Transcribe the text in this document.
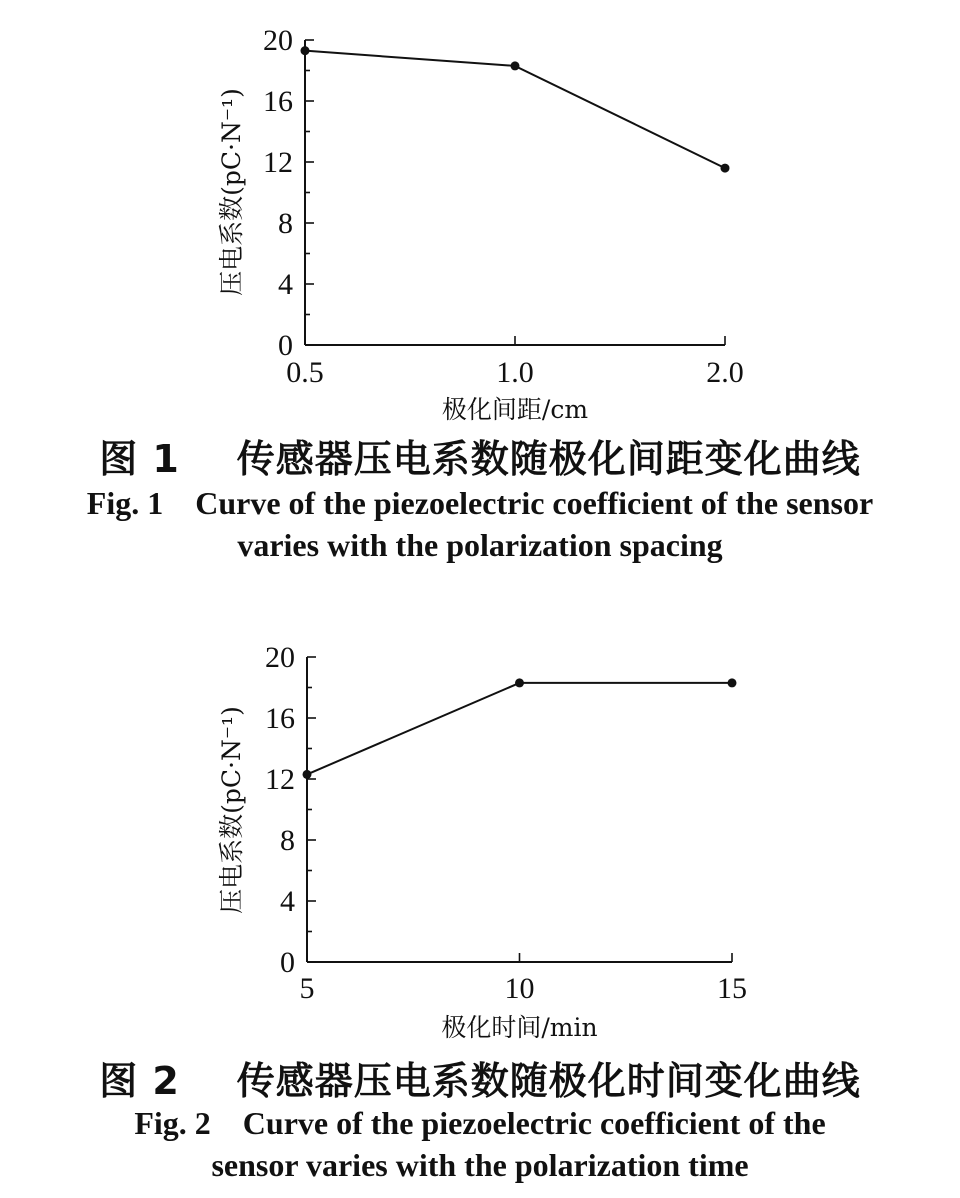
0
4
8
12
16
20
0.5	1.0	2.0
极化间距/cm
压电系数(pC·N⁻¹)
图 1    传感器压电系数随极化间距变化曲线
Fig. 1    Curve of the piezoelectric coefficient of the sensor
varies with the polarization spacing
0
4
8
12
16
20
5	10	15
极化时间/min
压电系数(pC·N⁻¹)
图 2    传感器压电系数随极化时间变化曲线
Fig. 2    Curve of the piezoelectric coefficient of the
sensor varies with the polarization time
